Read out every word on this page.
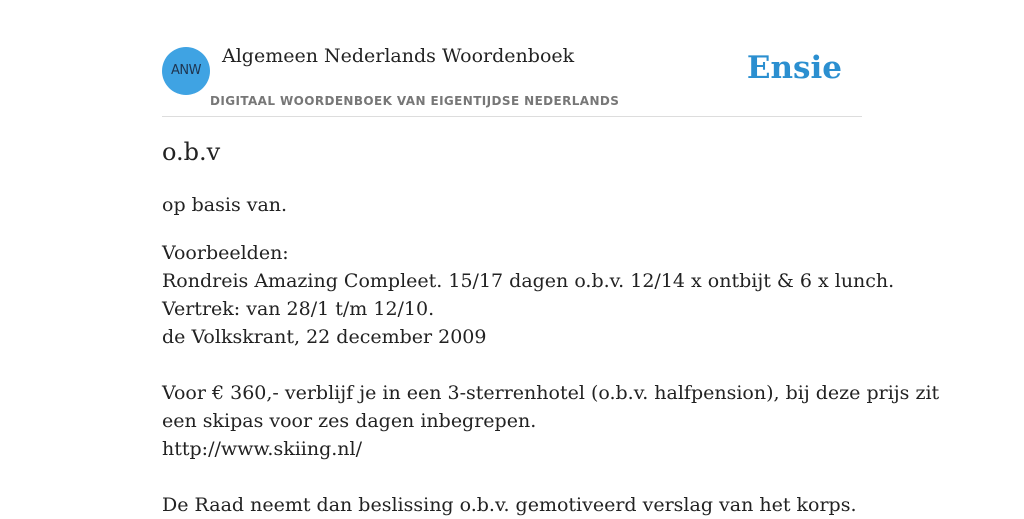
ANW
Algemeen Nederlands Woordenboek
DIGITAAL WOORDENBOEK VAN EIGENTIJDSE NEDERLANDS
Ensie
o.b.v
op basis van.
Voorbeelden:
Rondreis Amazing Compleet. 15/17 dagen o.b.v. 12/14 x ontbijt & 6 x lunch.
Vertrek: van 28/1 t/m 12/10.
de Volkskrant, 22 december 2009
Voor € 360,- verblijf je in een 3-sterrenhotel (o.b.v. halfpension), bij deze prijs zit
een skipas voor zes dagen inbegrepen.
http://www.skiing.nl/
De Raad neemt dan beslissing o.b.v. gemotiveerd verslag van het korps.
